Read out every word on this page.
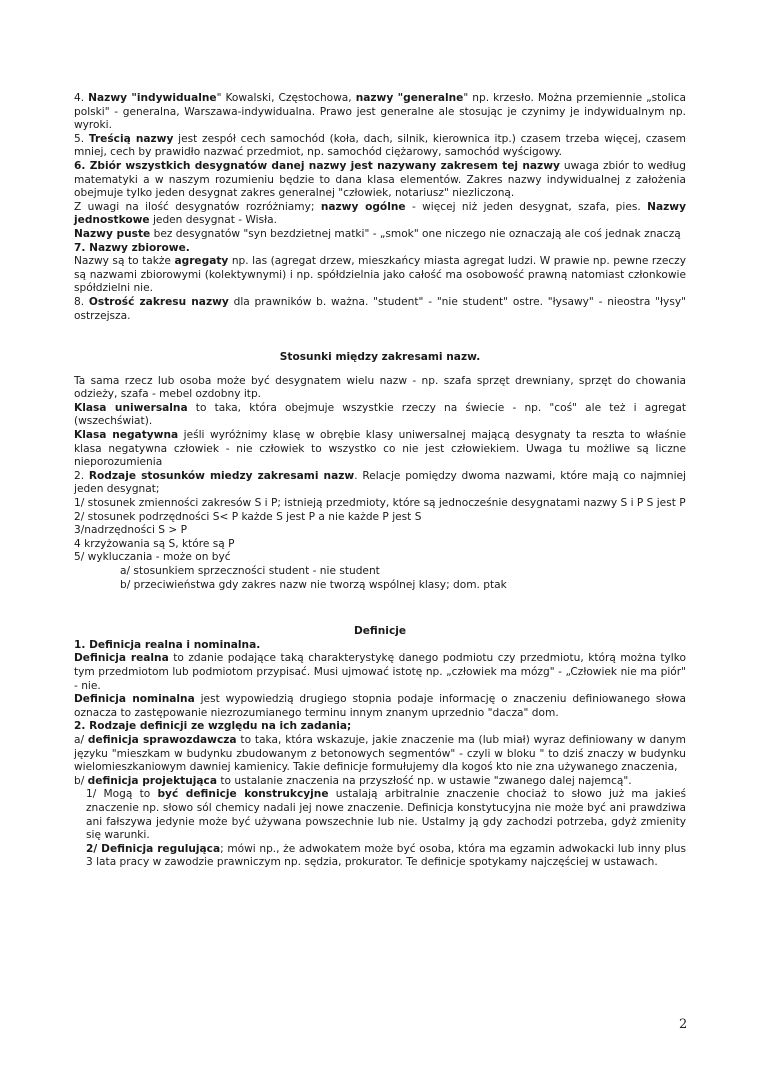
4. Nazwy "indywidualne" Kowalski, Częstochowa, nazwy "generalne" np. krzesło. Można przemiennie „stolica polski" - generalna, Warszawa-indywidualna. Prawo jest generalne ale stosując je czynimy je indywidualnym np. wyroki.

5. Treścią nazwy jest zespół cech samochód (koła, dach, silnik, kierownica itp.) czasem trzeba więcej, czasem mniej, cech by prawidło nazwać przedmiot, np. samochód ciężarowy, samochód wyścigowy.

6. Zbiór wszystkich desygnatów danej nazwy jest nazywany zakresem tej nazwy uwaga zbiór to według matematyki a w naszym rozumieniu będzie to dana klasa elementów. Zakres nazwy indywidualnej z założenia obejmuje tylko jeden desygnat zakres generalnej "człowiek, notariusz" niezliczoną.

Z uwagi na ilość desygnatów rozróżniamy; nazwy ogólne - więcej niż jeden desygnat, szafa, pies. Nazwy jednostkowe jeden desygnat - Wisła.

Nazwy puste bez desygnatów "syn bezdzietnej matki" - „smok" one niczego nie oznaczają ale coś jednak znaczą

7. Nazwy zbiorowe.

Nazwy są to także agregaty np. las (agregat drzew, mieszkańcy miasta agregat ludzi. W prawie np. pewne rzeczy są nazwami zbiorowymi (kolektywnymi) i np. spółdzielnia jako całość ma osobowość prawną natomiast członkowie spółdzielni nie.

8. Ostrość zakresu nazwy dla prawników b. ważna. "student" - "nie student" ostre. "łysawy" - nieostra "łysy" ostrzejsza.

Stosunki między zakresami nazw.

Ta sama rzecz lub osoba może być desygnatem wielu nazw - np. szafa sprzęt drewniany, sprzęt do chowania odzieży, szafa - mebel ozdobny itp.

Klasa uniwersalna to taka, która obejmuje wszystkie rzeczy na świecie - np. "coś" ale też i agregat (wszechświat).

Klasa negatywna jeśli wyróżnimy klasę w obrębie klasy uniwersalnej mającą desygnaty ta reszta to właśnie klasa negatywna człowiek - nie człowiek to wszystko co nie jest człowiekiem. Uwaga tu możliwe są liczne nieporozumienia

2. Rodzaje stosunków miedzy zakresami nazw. Relacje pomiędzy dwoma nazwami, które mają co najmniej jeden desygnat;

1/ stosunek zmienności zakresów S i P; istnieją przedmioty, które są jednocześnie desygnatami nazwy S i P S jest P

2/ stosunek podrzędności S< P każde S jest P a nie każde P jest S

3/nadrzędności S > P

4 krzyżowania są S, które są P

5/ wykluczania - może on być

a/ stosunkiem sprzeczności student - nie student

b/ przeciwieństwa gdy zakres nazw nie tworzą wspólnej klasy; dom. ptak

Definicje

1. Definicja realna i nominalna.

Definicja realna to zdanie podające taką charakterystykę danego podmiotu czy przedmiotu, którą można tylko tym przedmiotom lub podmiotom przypisać. Musi ujmować istotę np. „człowiek ma mózg" - „Człowiek nie ma piór" - nie.

Definicja nominalna jest wypowiedzią drugiego stopnia podaje informację o znaczeniu definiowanego słowa oznacza to zastępowanie niezrozumianego terminu innym znanym uprzednio "dacza" dom.

2. Rodzaje definicji ze względu na ich zadania;

a/ definicja sprawozdawcza to taka, która wskazuje, jakie znaczenie ma (lub miał) wyraz definiowany w danym języku "mieszkam w budynku zbudowanym z betonowych segmentów" - czyli w bloku " to dziś znaczy w budynku wielomieszkaniowym dawniej kamienicy. Takie definicje formułujemy dla kogoś kto nie zna używanego znaczenia,

b/ definicja projektująca to ustalanie znaczenia na przyszłość np. w ustawie "zwanego dalej najemcą".

1/ Mogą to być definicje konstrukcyjne ustalają arbitralnie znaczenie chociaż to słowo już ma jakieś znaczenie np. słowo sól chemicy nadali jej nowe znaczenie. Definicja konstytucyjna nie może być ani prawdziwa ani fałszywa jedynie może być używana powszechnie lub nie. Ustalmy ją gdy zachodzi potrzeba, gdyż zmienity się warunki.

2/ Definicja regulująca; mówi np., że adwokatem może być osoba, która ma egzamin adwokacki lub inny plus 3 lata pracy w zawodzie prawniczym np. sędzia, prokurator. Te definicje spotykamy najczęściej w ustawach.

2
